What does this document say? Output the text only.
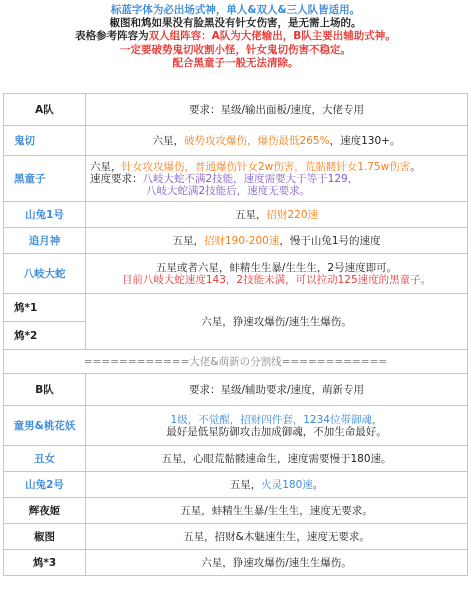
标蓝字体为必出场式神，单人&双人&三人队皆适用。
椒图和鸩如果没有脸黑没有针女伤害，是无需上场的。
表格参考阵容为双人组阵容：A队为大佬输出，B队主要出辅助式神。
一定要破势鬼切收割小怪，针女鬼切伤害不稳定。
配合黑童子一般无法清除。
A队	要求：星级/输出面板/速度，大佬专用
鬼切	六星，破势攻攻爆伤，爆伤最低265%，速度130+。
黑童子	六星，针女攻攻爆伤，普通爆伤针女2w伤害，荒骷髅针女1.75w伤害。
速度要求：八岐大蛇不满2技能，速度需要大于等于129，
八岐大蛇满2技能后，速度无要求。

山兔1号	五星，招财220速
追月神	五星，招财190-200速，慢于山兔1号的速度
八岐大蛇	五星或者六星，蚌精生生暴/生生生，2号速度即可。
目前八岐大蛇速度143，2技能未满，可以拉动125速度的黑童子。

鸩*1	六星，狰速攻爆伤/速生生爆伤。
鸩*2	
============大佬&萌新の分割线============	
B队	要求：星级/辅助要求/速度，萌新专用
童男&桃花妖	1级，不觉醒，招财四件套，1234位带御魂，
最好是低星防御攻击加成御魂，不加生命最好。

丑女	五星，心眼荒骷髅速命生，速度需要慢于180速。
山兔2号	五星，火灵180速。
辉夜姬	五星，蚌精生生暴/生生生，速度无要求。
椒图	五星，招财&木魅速生生，速度无要求。
鸩*3	六星，狰速攻爆伤/速生生爆伤。
